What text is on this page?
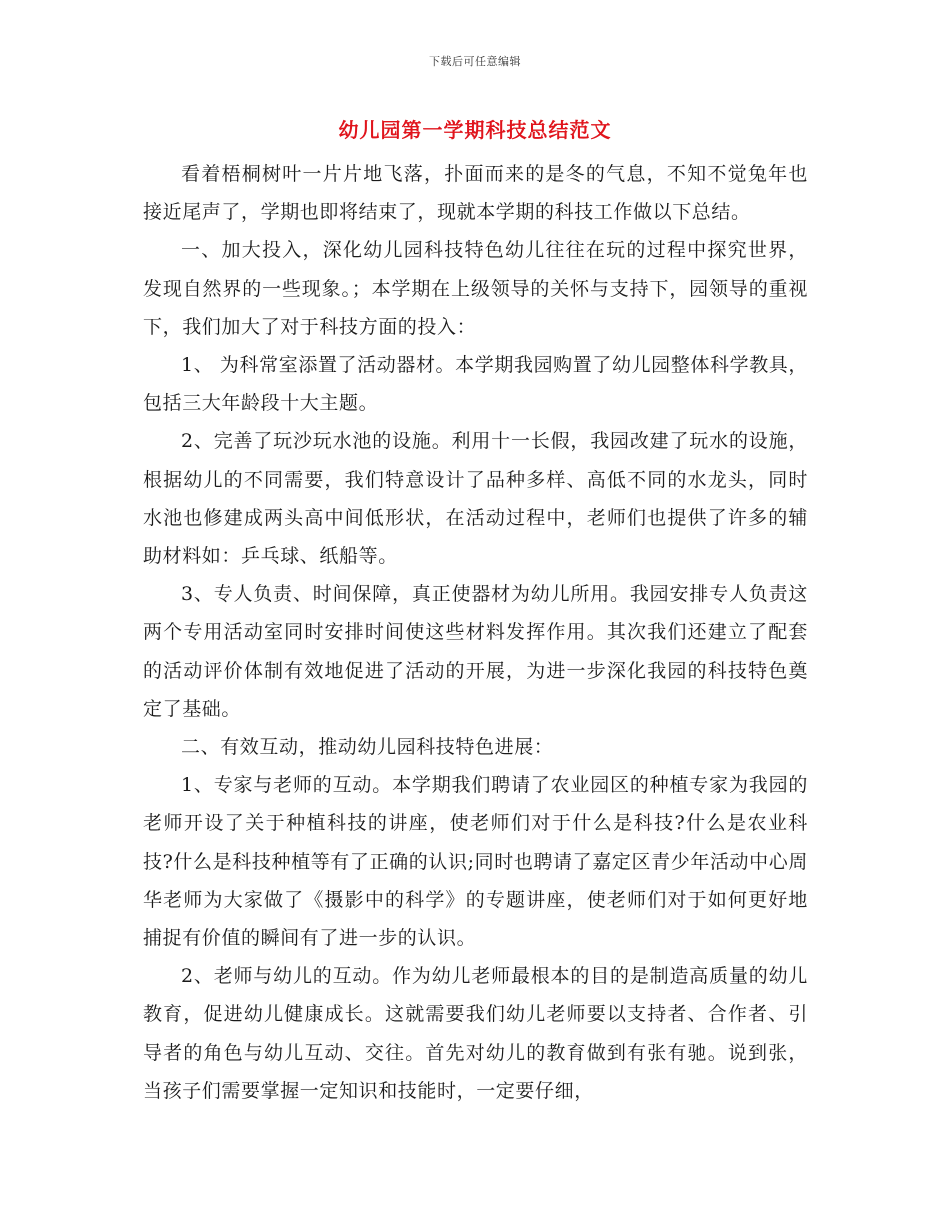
下载后可任意编辑
幼儿园第一学期科技总结范文

看着梧桐树叶一片片地飞落，扑面而来的是冬的气息，不知不觉兔年也接近尾声了，学期也即将结束了，现就本学期的科技工作做以下总结。

一、加大投入，深化幼儿园科技特色幼儿往往在玩的过程中探究世界，发现自然界的一些现象。；本学期在上级领导的关怀与支持下，园领导的重视下，我们加大了对于科技方面的投入：

1、 为科常室添置了活动器材。本学期我园购置了幼儿园整体科学教具，包括三大年龄段十大主题。

2、完善了玩沙玩水池的设施。利用十一长假，我园改建了玩水的设施，根据幼儿的不同需要，我们特意设计了品种多样、高低不同的水龙头，同时水池也修建成两头高中间低形状，在活动过程中，老师们也提供了许多的辅助材料如：乒乓球、纸船等。

3、专人负责、时间保障，真正使器材为幼儿所用。我园安排专人负责这两个专用活动室同时安排时间使这些材料发挥作用。其次我们还建立了配套的活动评价体制有效地促进了活动的开展，为进一步深化我园的科技特色奠定了基础。

二、有效互动，推动幼儿园科技特色进展：

1、专家与老师的互动。本学期我们聘请了农业园区的种植专家为我园的老师开设了关于种植科技的讲座，使老师们对于什么是科技?什么是农业科技?什么是科技种植等有了正确的认识;同时也聘请了嘉定区青少年活动中心周华老师为大家做了《摄影中的科学》的专题讲座，使老师们对于如何更好地捕捉有价值的瞬间有了进一步的认识。

2、老师与幼儿的互动。作为幼儿老师最根本的目的是制造高质量的幼儿教育，促进幼儿健康成长。这就需要我们幼儿老师要以支持者、合作者、引导者的角色与幼儿互动、交往。首先对幼儿的教育做到有张有驰。说到张，当孩子们需要掌握一定知识和技能时，一定要仔细，
